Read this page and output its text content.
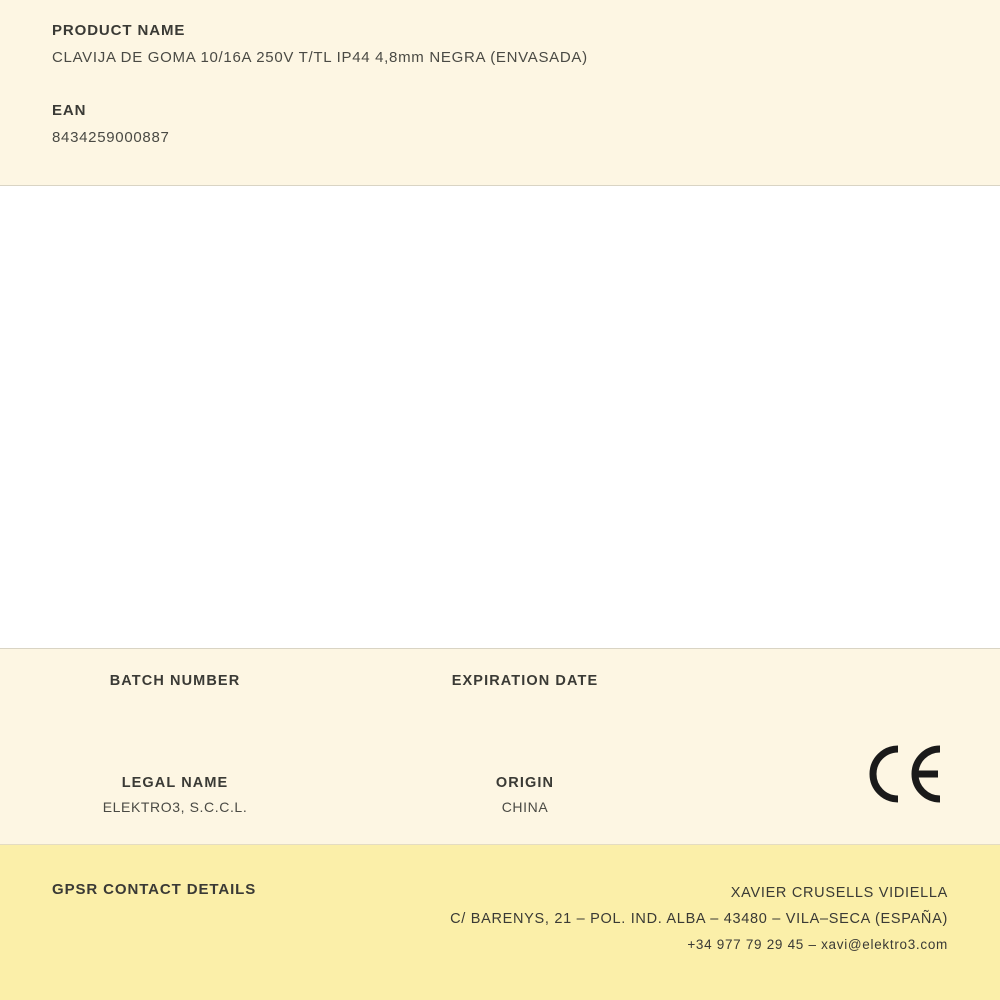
PRODUCT NAME

CLAVIJA DE GOMA 10/16A 250V T/TL IP44 4,8mm NEGRA (ENVASADA)

EAN

8434259000887

BATCH NUMBER	EXPIRATION DATE

LEGAL NAME

ELEKTRO3, S.C.C.L.

ORIGIN

CHINA

GPSR CONTACT DETAILS	XAVIER CRUSELLS VIDIELLA

C/ BARENYS, 21 – POL. IND. ALBA – 43480 – VILA–SECA (ESPAÑA)

+34 977 79 29 45 – xavi@elektro3.com
